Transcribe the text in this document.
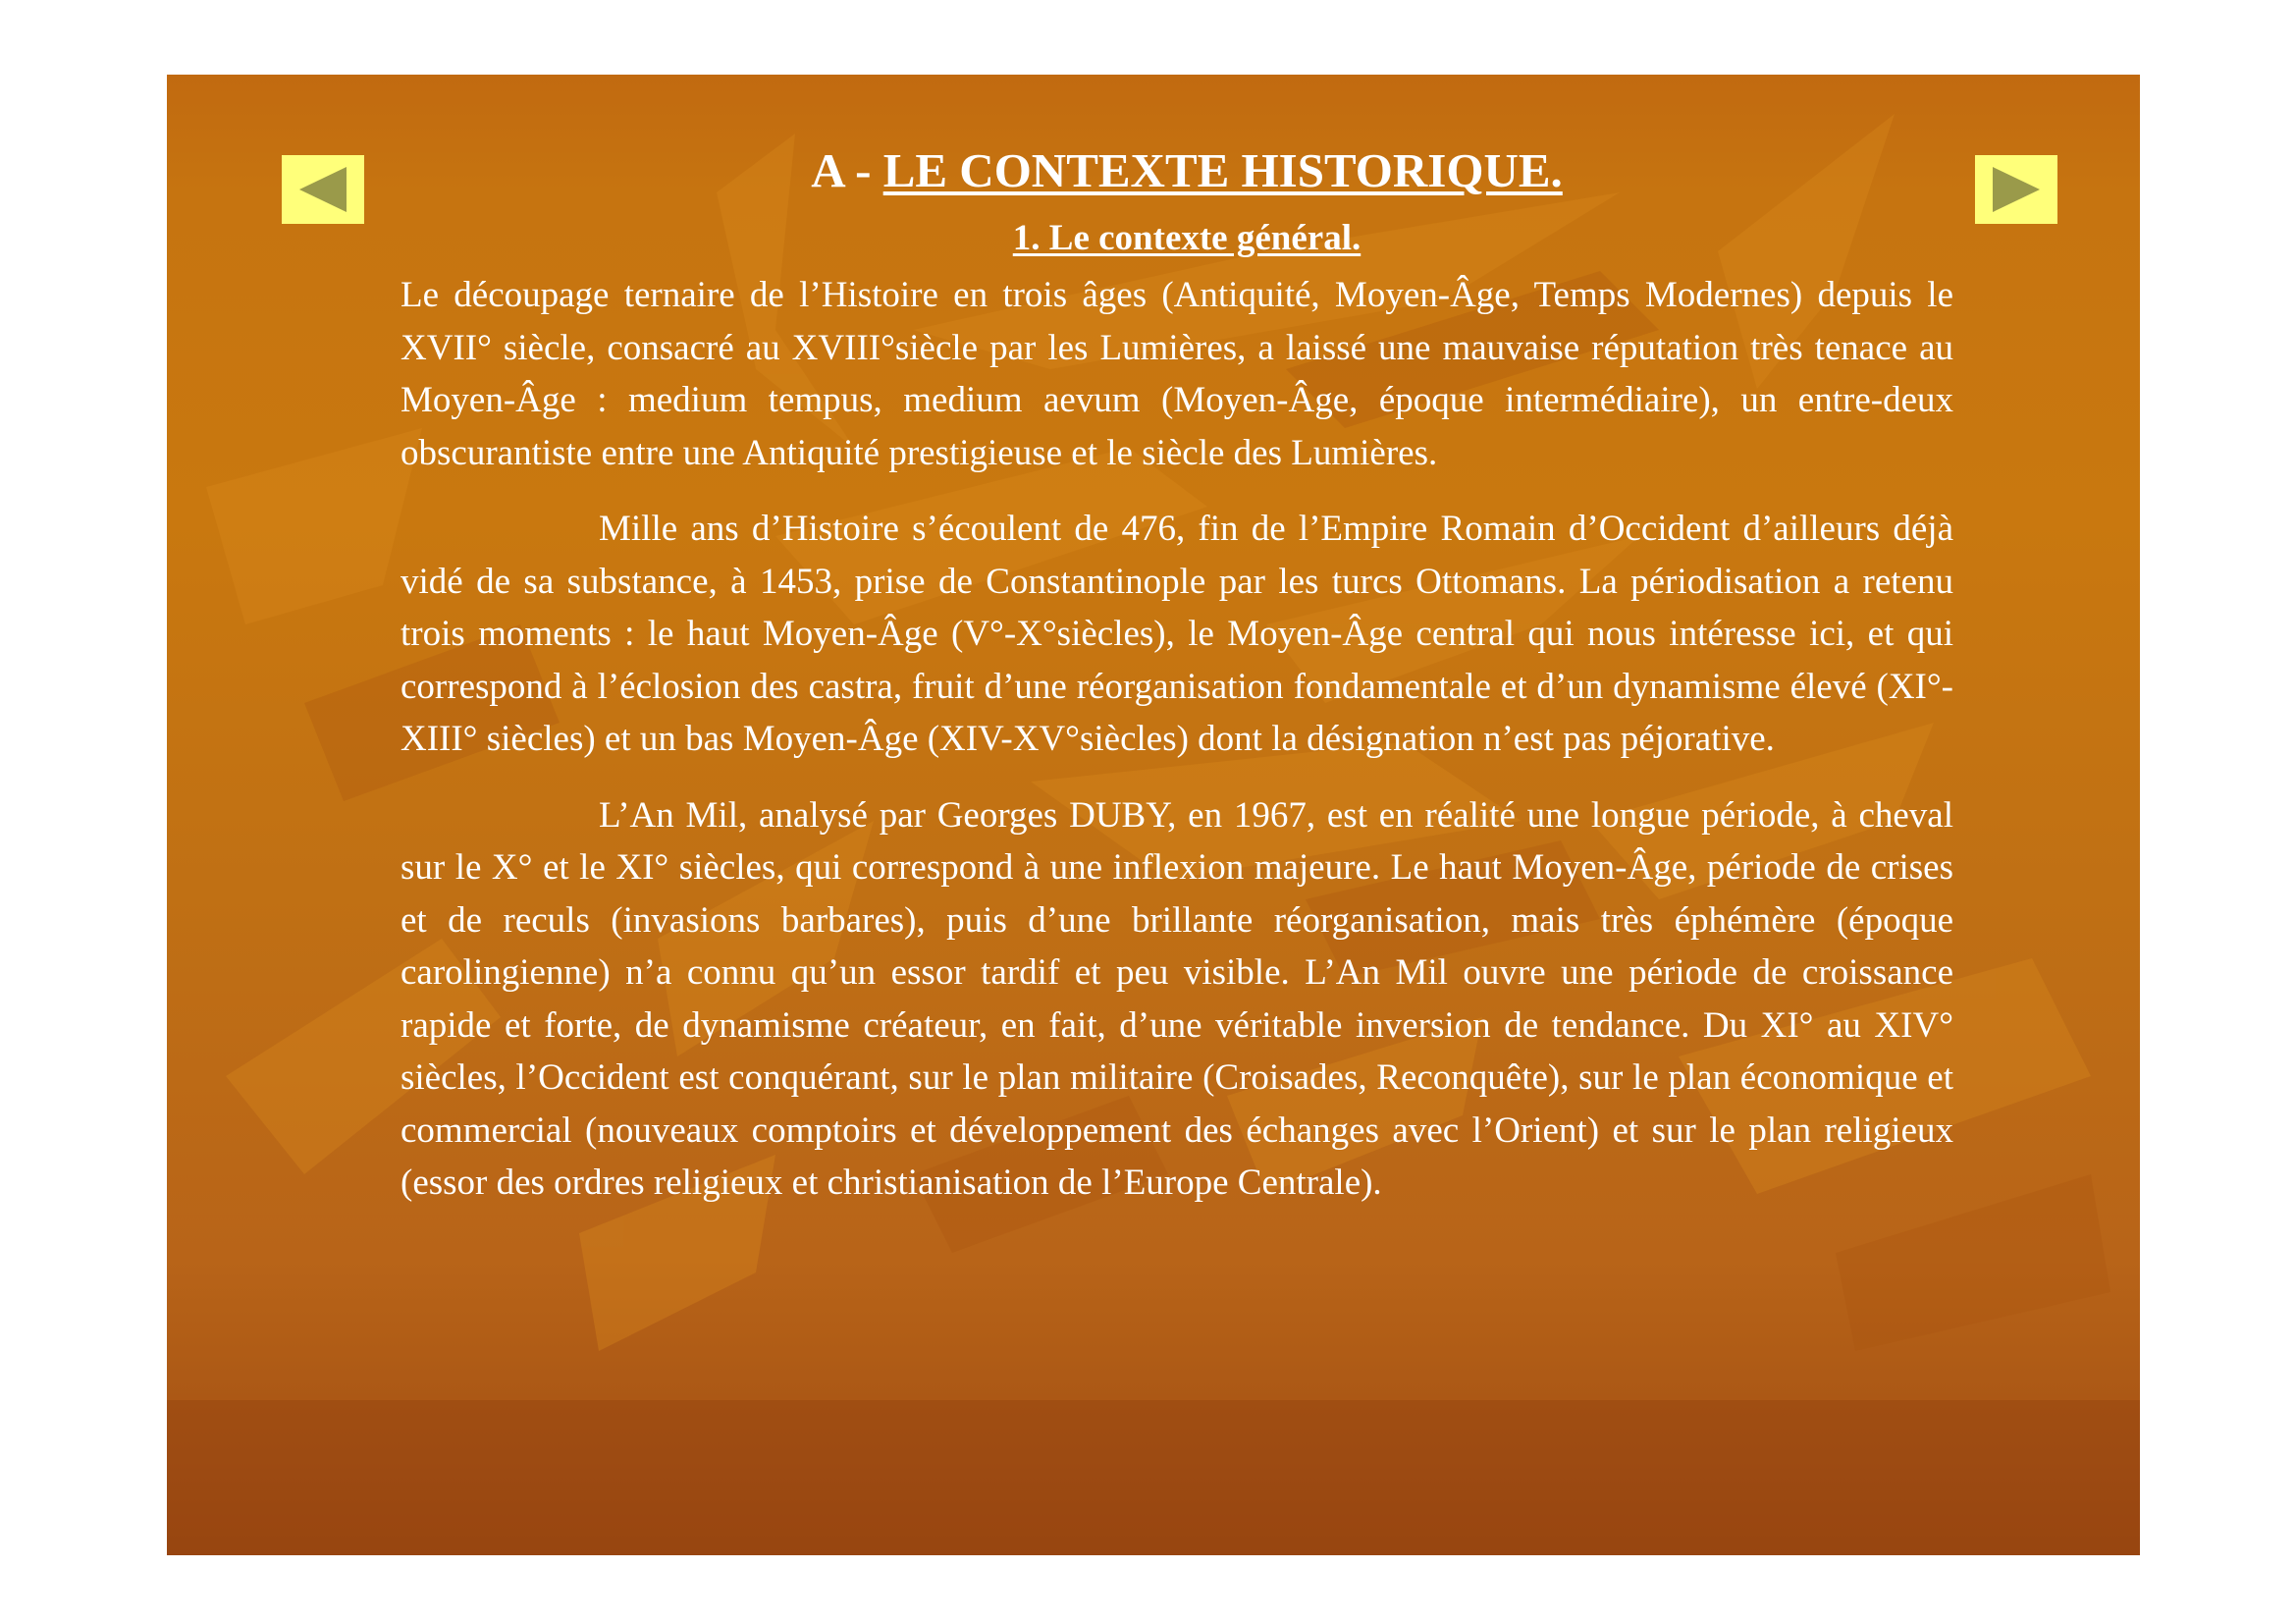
A - LE CONTEXTE HISTORIQUE.
1. Le contexte général.

Le découpage ternaire de l’Histoire en trois âges (Antiquité, Moyen-Âge, Temps Modernes) depuis le XVII° siècle, consacré au XVIII°siècle par les Lumières, a laissé une mauvaise réputation très tenace au Moyen-Âge : medium tempus, medium aevum (Moyen-Âge, époque intermédiaire), un entre-deux obscurantiste entre une Antiquité prestigieuse et le siècle des Lumières.

Mille ans d’Histoire s’écoulent de 476, fin de l’Empire Romain d’Occident d’ailleurs déjà vidé de sa substance, à 1453, prise de Constantinople par les turcs Ottomans. La périodisation a retenu trois moments : le haut Moyen-Âge (V°-X°siècles), le Moyen-Âge central qui nous intéresse ici, et qui correspond à l’éclosion des castra, fruit d’une réorganisation fondamentale et d’un dynamisme élevé (XI°-XIII° siècles) et un bas Moyen-Âge (XIV-XV°siècles) dont la désignation n’est pas péjorative.

L’An Mil, analysé par Georges DUBY, en 1967, est en réalité une longue période, à cheval sur le X° et le XI° siècles, qui correspond à une inflexion majeure. Le haut Moyen-Âge, période de crises et de reculs (invasions barbares), puis d’une brillante réorganisation, mais très éphémère (époque carolingienne) n’a connu qu’un essor tardif et peu visible. L’An Mil ouvre une période de croissance rapide et forte, de dynamisme créateur, en fait, d’une véritable inversion de tendance. Du XI° au XIV° siècles, l’Occident est conquérant, sur le plan militaire (Croisades, Reconquête), sur le plan économique et commercial (nouveaux comptoirs et développement des échanges avec l’Orient) et sur le plan religieux (essor des ordres religieux et christianisation de l’Europe Centrale).
